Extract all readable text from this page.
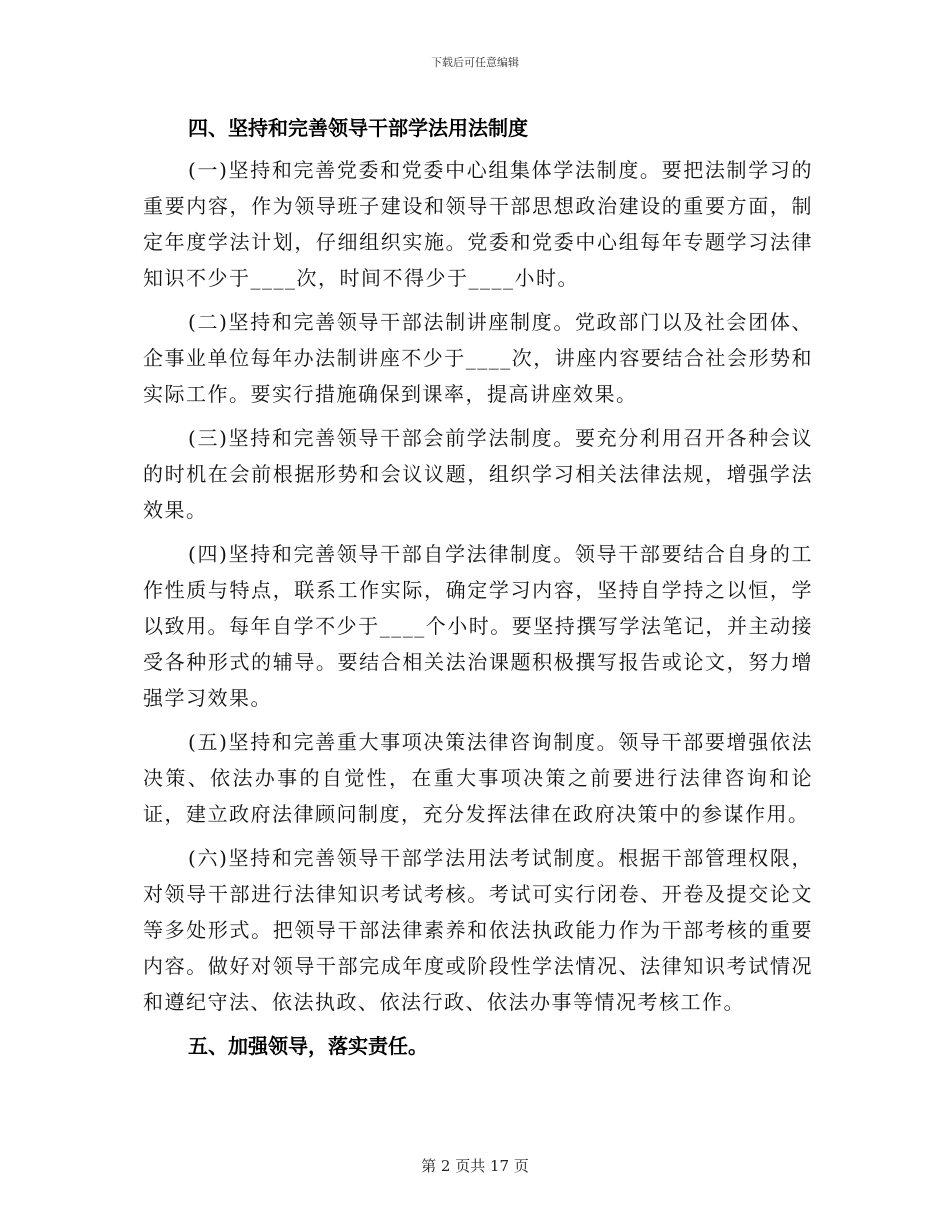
下载后可任意编辑
四、坚持和完善领导干部学法用法制度

(一)坚持和完善党委和党委中心组集体学法制度。要把法制学习的重要内容，作为领导班子建设和领导干部思想政治建设的重要方面，制定年度学法计划，仔细组织实施。党委和党委中心组每年专题学习法律知识不少于____次，时间不得少于____小时。

(二)坚持和完善领导干部法制讲座制度。党政部门以及社会团体、企事业单位每年办法制讲座不少于____次，讲座内容要结合社会形势和实际工作。要实行措施确保到课率，提高讲座效果。

(三)坚持和完善领导干部会前学法制度。要充分利用召开各种会议的时机在会前根据形势和会议议题，组织学习相关法律法规，增强学法效果。

(四)坚持和完善领导干部自学法律制度。领导干部要结合自身的工作性质与特点，联系工作实际，确定学习内容，坚持自学持之以恒，学以致用。每年自学不少于____个小时。要坚持撰写学法笔记，并主动接受各种形式的辅导。要结合相关法治课题积极撰写报告或论文，努力增强学习效果。

(五)坚持和完善重大事项决策法律咨询制度。领导干部要增强依法决策、依法办事的自觉性，在重大事项决策之前要进行法律咨询和论证，建立政府法律顾问制度，充分发挥法律在政府决策中的参谋作用。

(六)坚持和完善领导干部学法用法考试制度。根据干部管理权限，对领导干部进行法律知识考试考核。考试可实行闭卷、开卷及提交论文等多处形式。把领导干部法律素养和依法执政能力作为干部考核的重要内容。做好对领导干部完成年度或阶段性学法情况、法律知识考试情况和遵纪守法、依法执政、依法行政、依法办事等情况考核工作。

五、加强领导，落实责任。
第 2 页共 17 页
